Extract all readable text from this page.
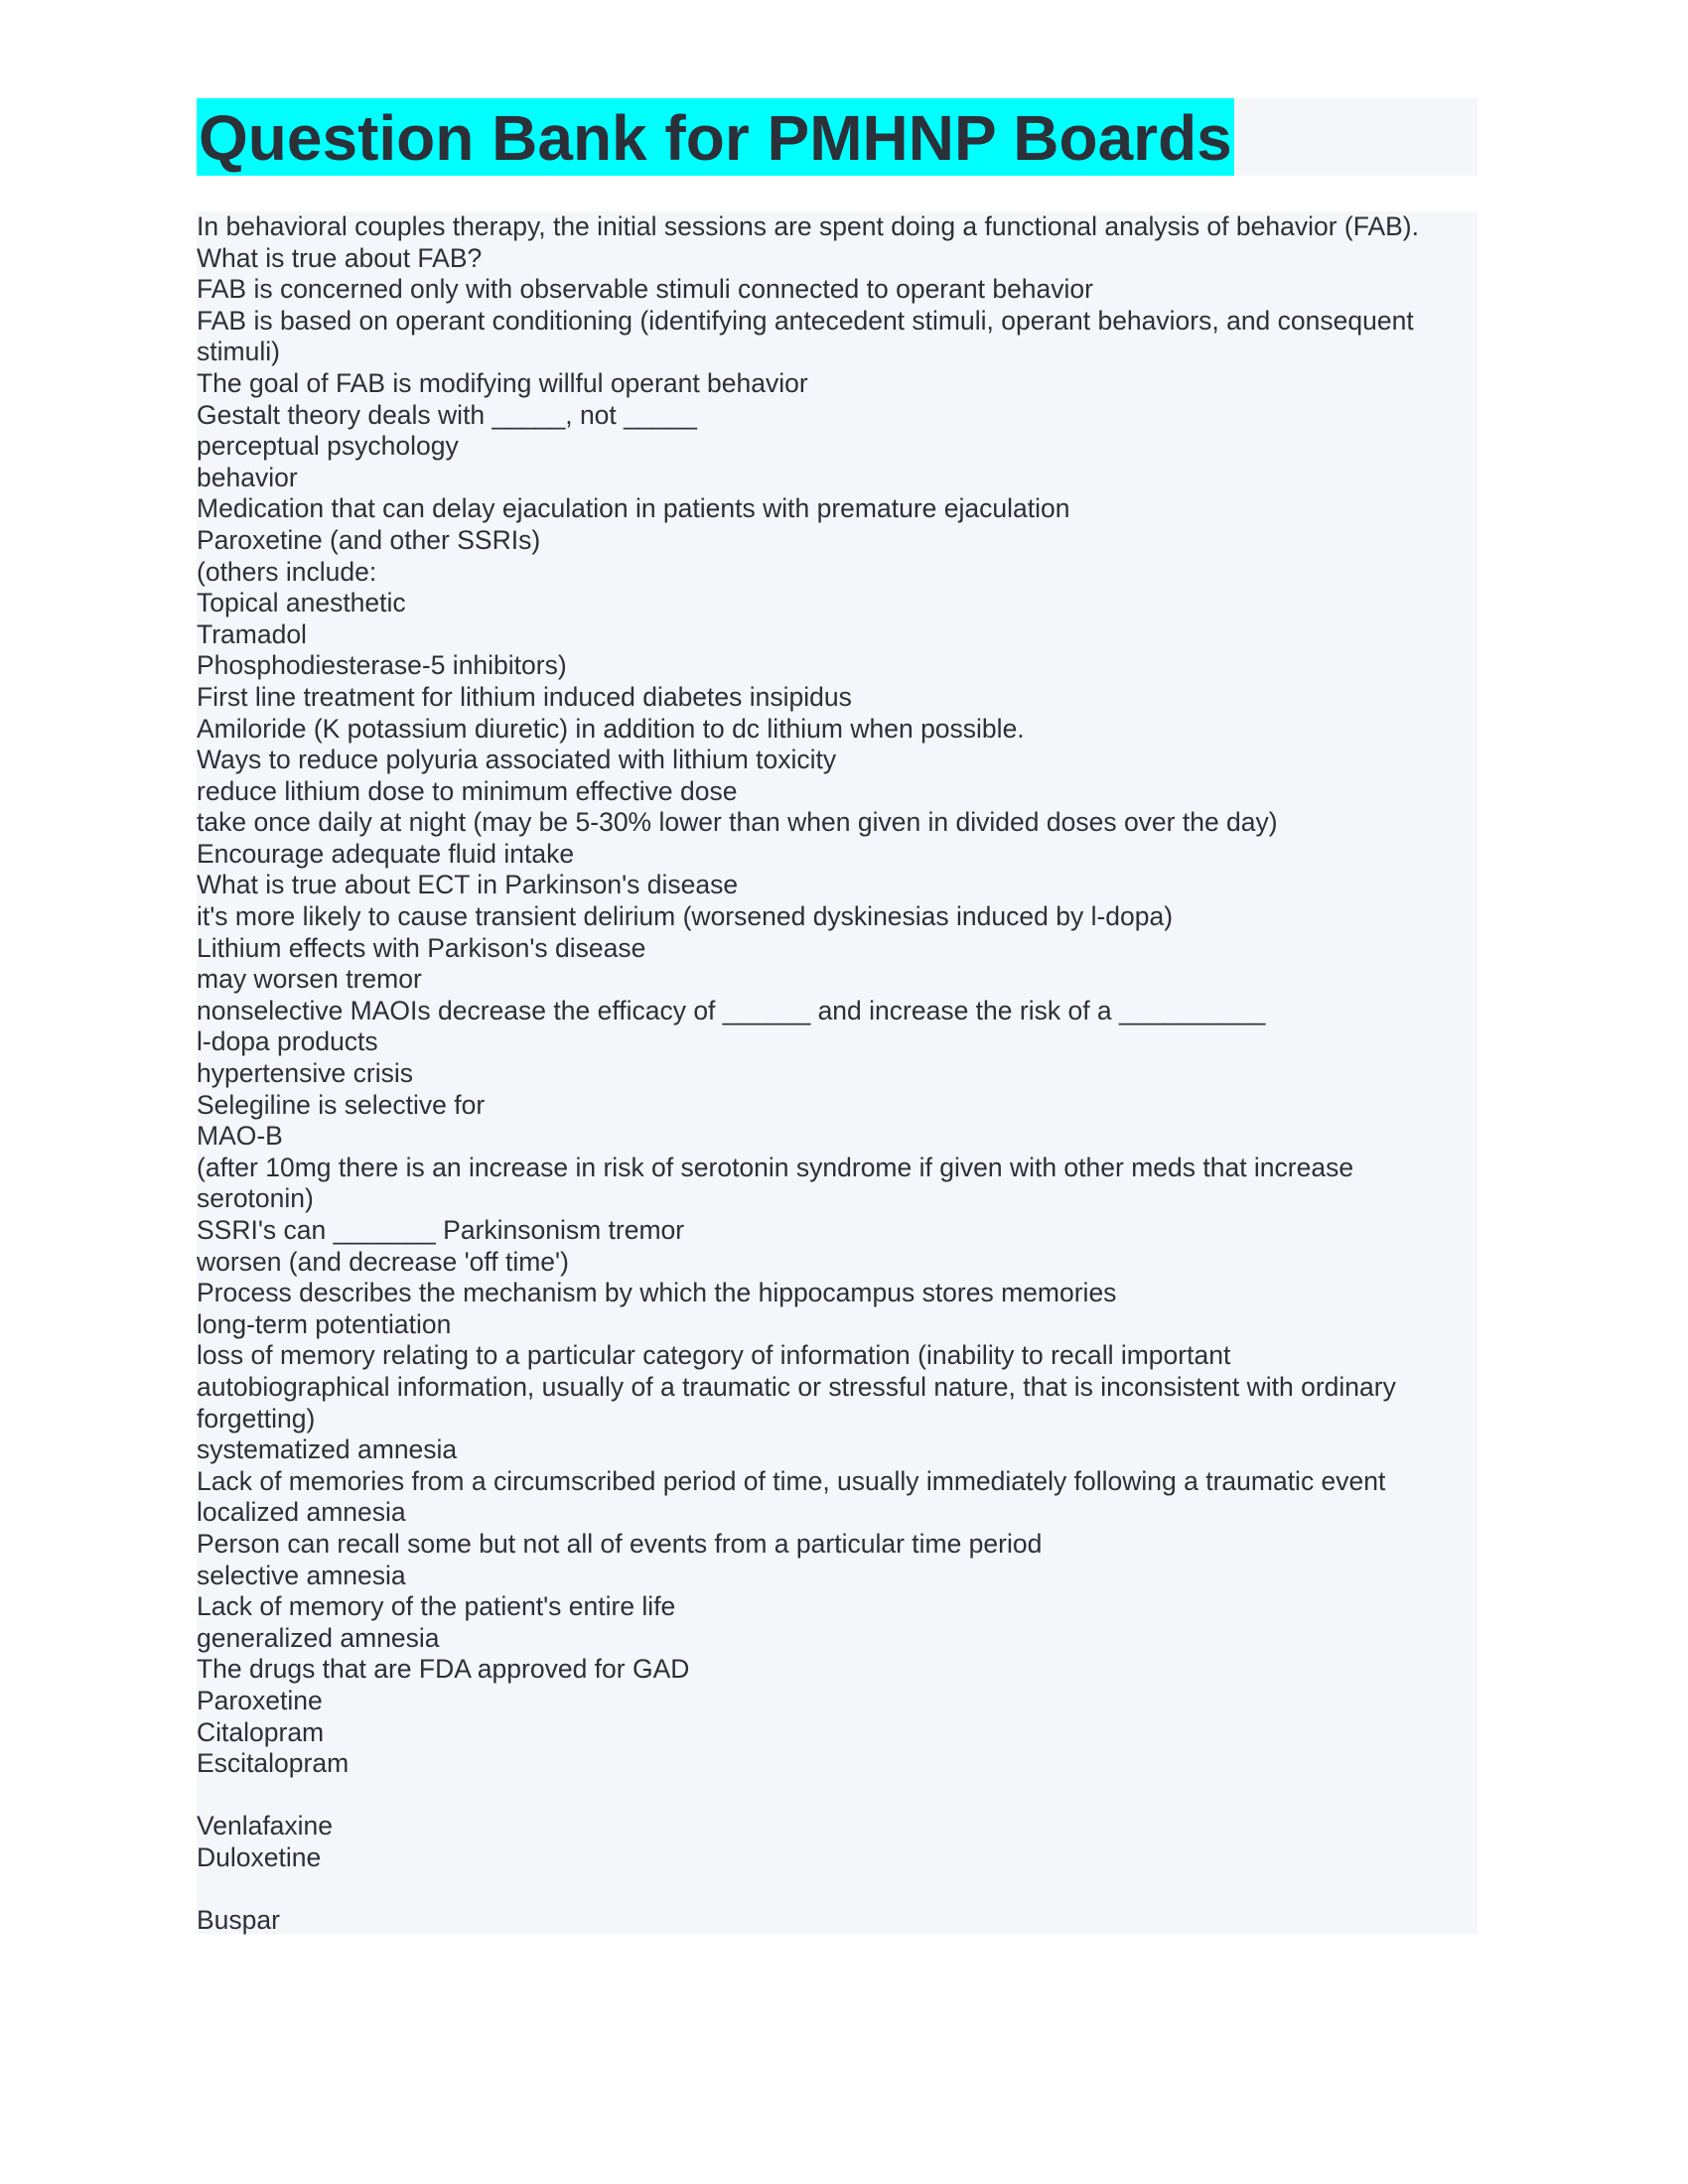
Question Bank for PMHNP Boards
In behavioral couples therapy, the initial sessions are spent doing a functional analysis of behavior (FAB).
What is true about FAB?
FAB is concerned only with observable stimuli connected to operant behavior
FAB is based on operant conditioning (identifying antecedent stimuli, operant behaviors, and consequent
stimuli)
The goal of FAB is modifying willful operant behavior
Gestalt theory deals with _____, not _____
perceptual psychology
behavior
Medication that can delay ejaculation in patients with premature ejaculation
Paroxetine (and other SSRIs)
(others include:
Topical anesthetic
Tramadol
Phosphodiesterase-5 inhibitors)
First line treatment for lithium induced diabetes insipidus
Amiloride (K potassium diuretic) in addition to dc lithium when possible.
Ways to reduce polyuria associated with lithium toxicity
reduce lithium dose to minimum effective dose
take once daily at night (may be 5-30% lower than when given in divided doses over the day)
Encourage adequate fluid intake
What is true about ECT in Parkinson's disease
it's more likely to cause transient delirium (worsened dyskinesias induced by l-dopa)
Lithium effects with Parkison's disease
may worsen tremor
nonselective MAOIs decrease the efficacy of ______ and increase the risk of a __________
l-dopa products
hypertensive crisis
Selegiline is selective for
MAO-B
(after 10mg there is an increase in risk of serotonin syndrome if given with other meds that increase
serotonin)
SSRI's can _______ Parkinsonism tremor
worsen (and decrease 'off time')
Process describes the mechanism by which the hippocampus stores memories
long-term potentiation
loss of memory relating to a particular category of information (inability to recall important
autobiographical information, usually of a traumatic or stressful nature, that is inconsistent with ordinary
forgetting)
systematized amnesia
Lack of memories from a circumscribed period of time, usually immediately following a traumatic event
localized amnesia
Person can recall some but not all of events from a particular time period
selective amnesia
Lack of memory of the patient's entire life
generalized amnesia
The drugs that are FDA approved for GAD
Paroxetine
Citalopram
Escitalopram
Venlafaxine
Duloxetine
Buspar
